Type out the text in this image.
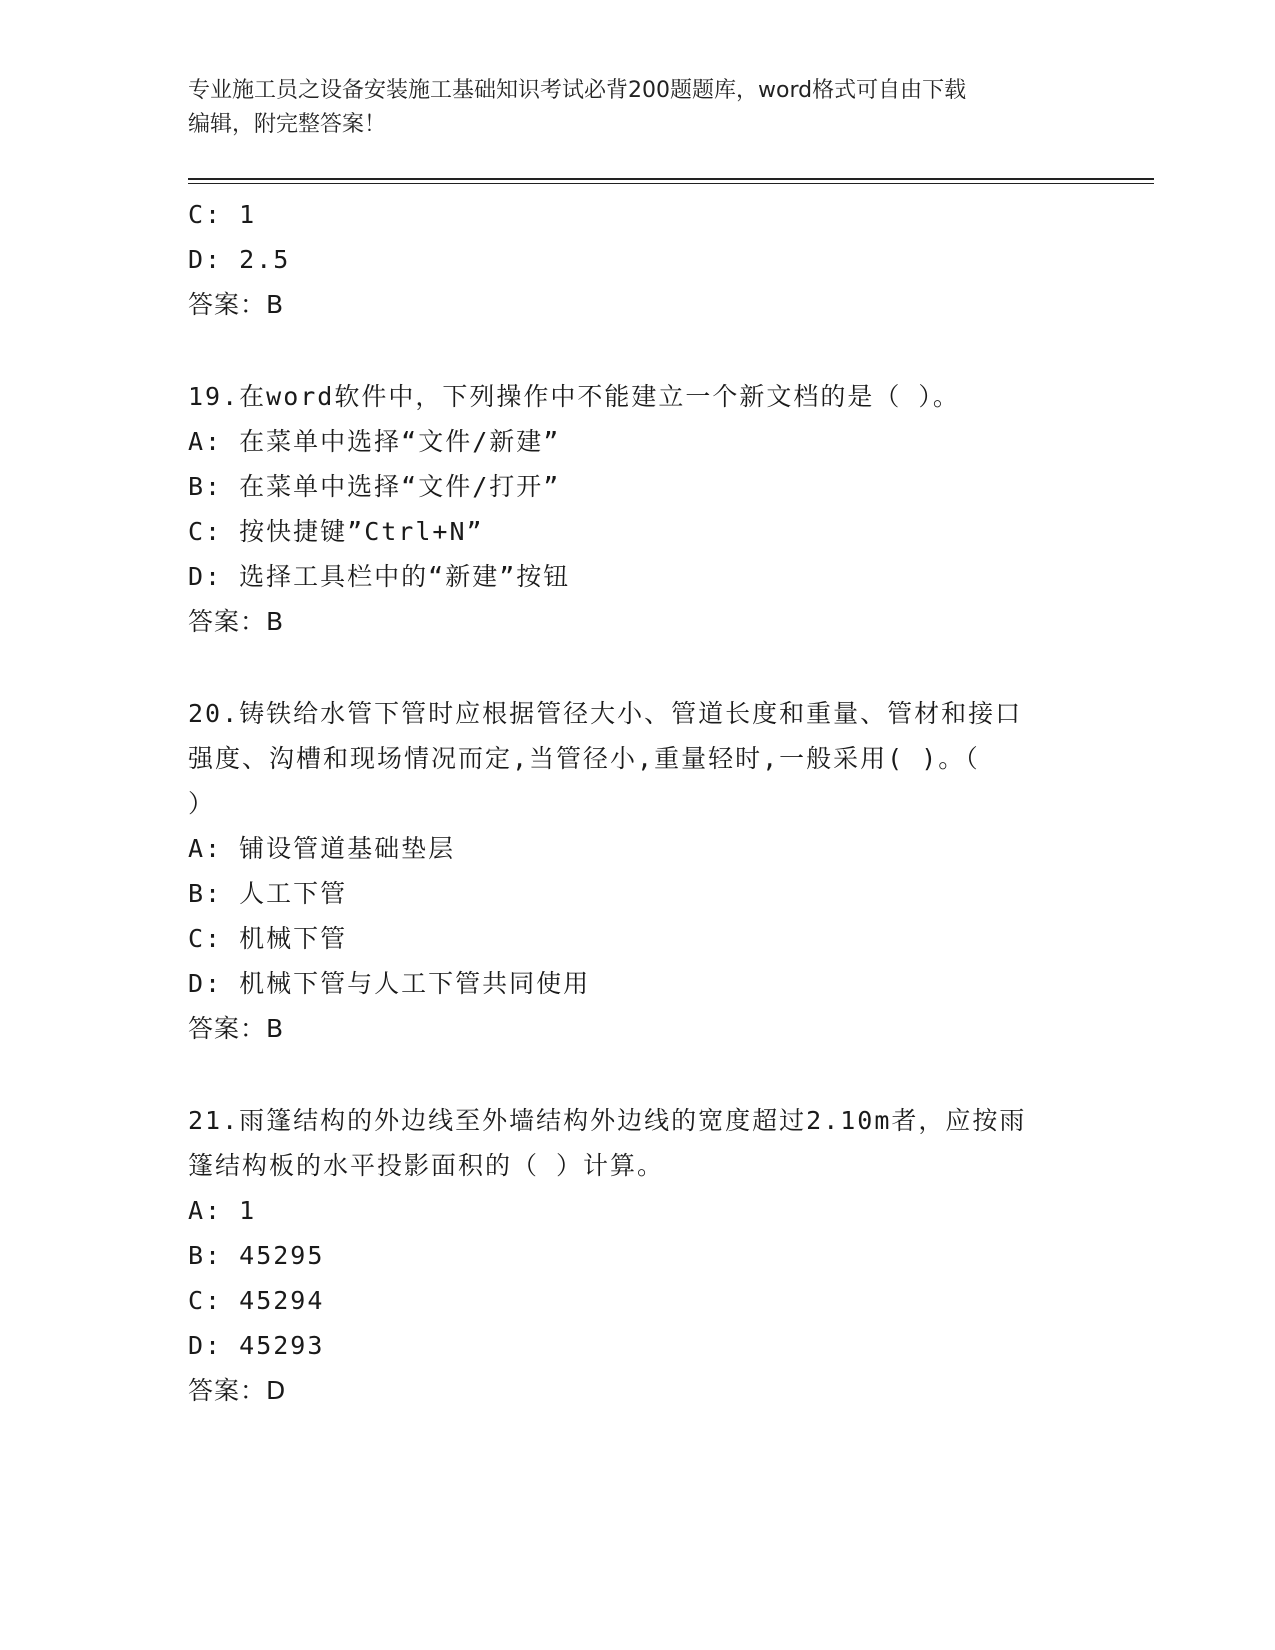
专业施工员之设备安装施工基础知识考试必背200题题库，word格式可自由下载
编辑，附完整答案！
C: 1
D: 2.5
答案：B
19.在word软件中，下列操作中不能建立一个新文档的是（ ）。
A: 在菜单中选择“文件/新建”
B: 在菜单中选择“文件/打开”
C: 按快捷键”Ctrl+N”
D: 选择工具栏中的“新建”按钮
答案：B
20.铸铁给水管下管时应根据管径大小、管道长度和重量、管材和接口
强度、沟槽和现场情况而定,当管径小,重量轻时,一般采用( )。（
）
A: 铺设管道基础垫层
B: 人工下管
C: 机械下管
D: 机械下管与人工下管共同使用
答案：B
21.雨篷结构的外边线至外墙结构外边线的宽度超过2.10m者，应按雨
篷结构板的水平投影面积的（ ）计算。
A: 1
B: 45295
C: 45294
D: 45293
答案：D
